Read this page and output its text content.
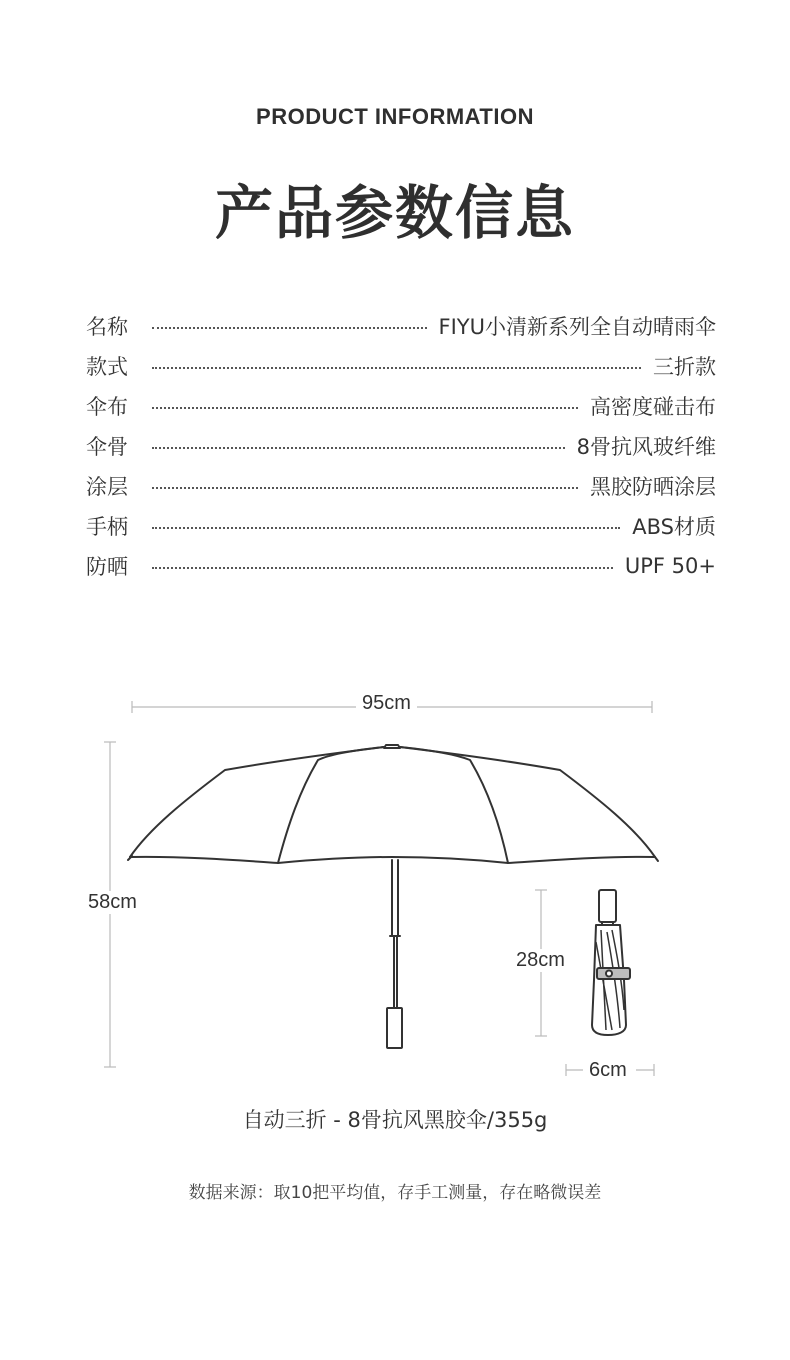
PRODUCT INFORMATION
产品参数信息
名称	FIYU小清新系列全自动晴雨伞
款式	三折款
伞布	高密度碰击布
伞骨	8骨抗风玻纤维
涂层	黑胶防晒涂层
手柄	ABS材质
防晒	UPF 50+
95cm
58cm
28cm
6cm
自动三折 - 8骨抗风黑胶伞/355g
数据来源：取10把平均值，存手工测量，存在略微误差
